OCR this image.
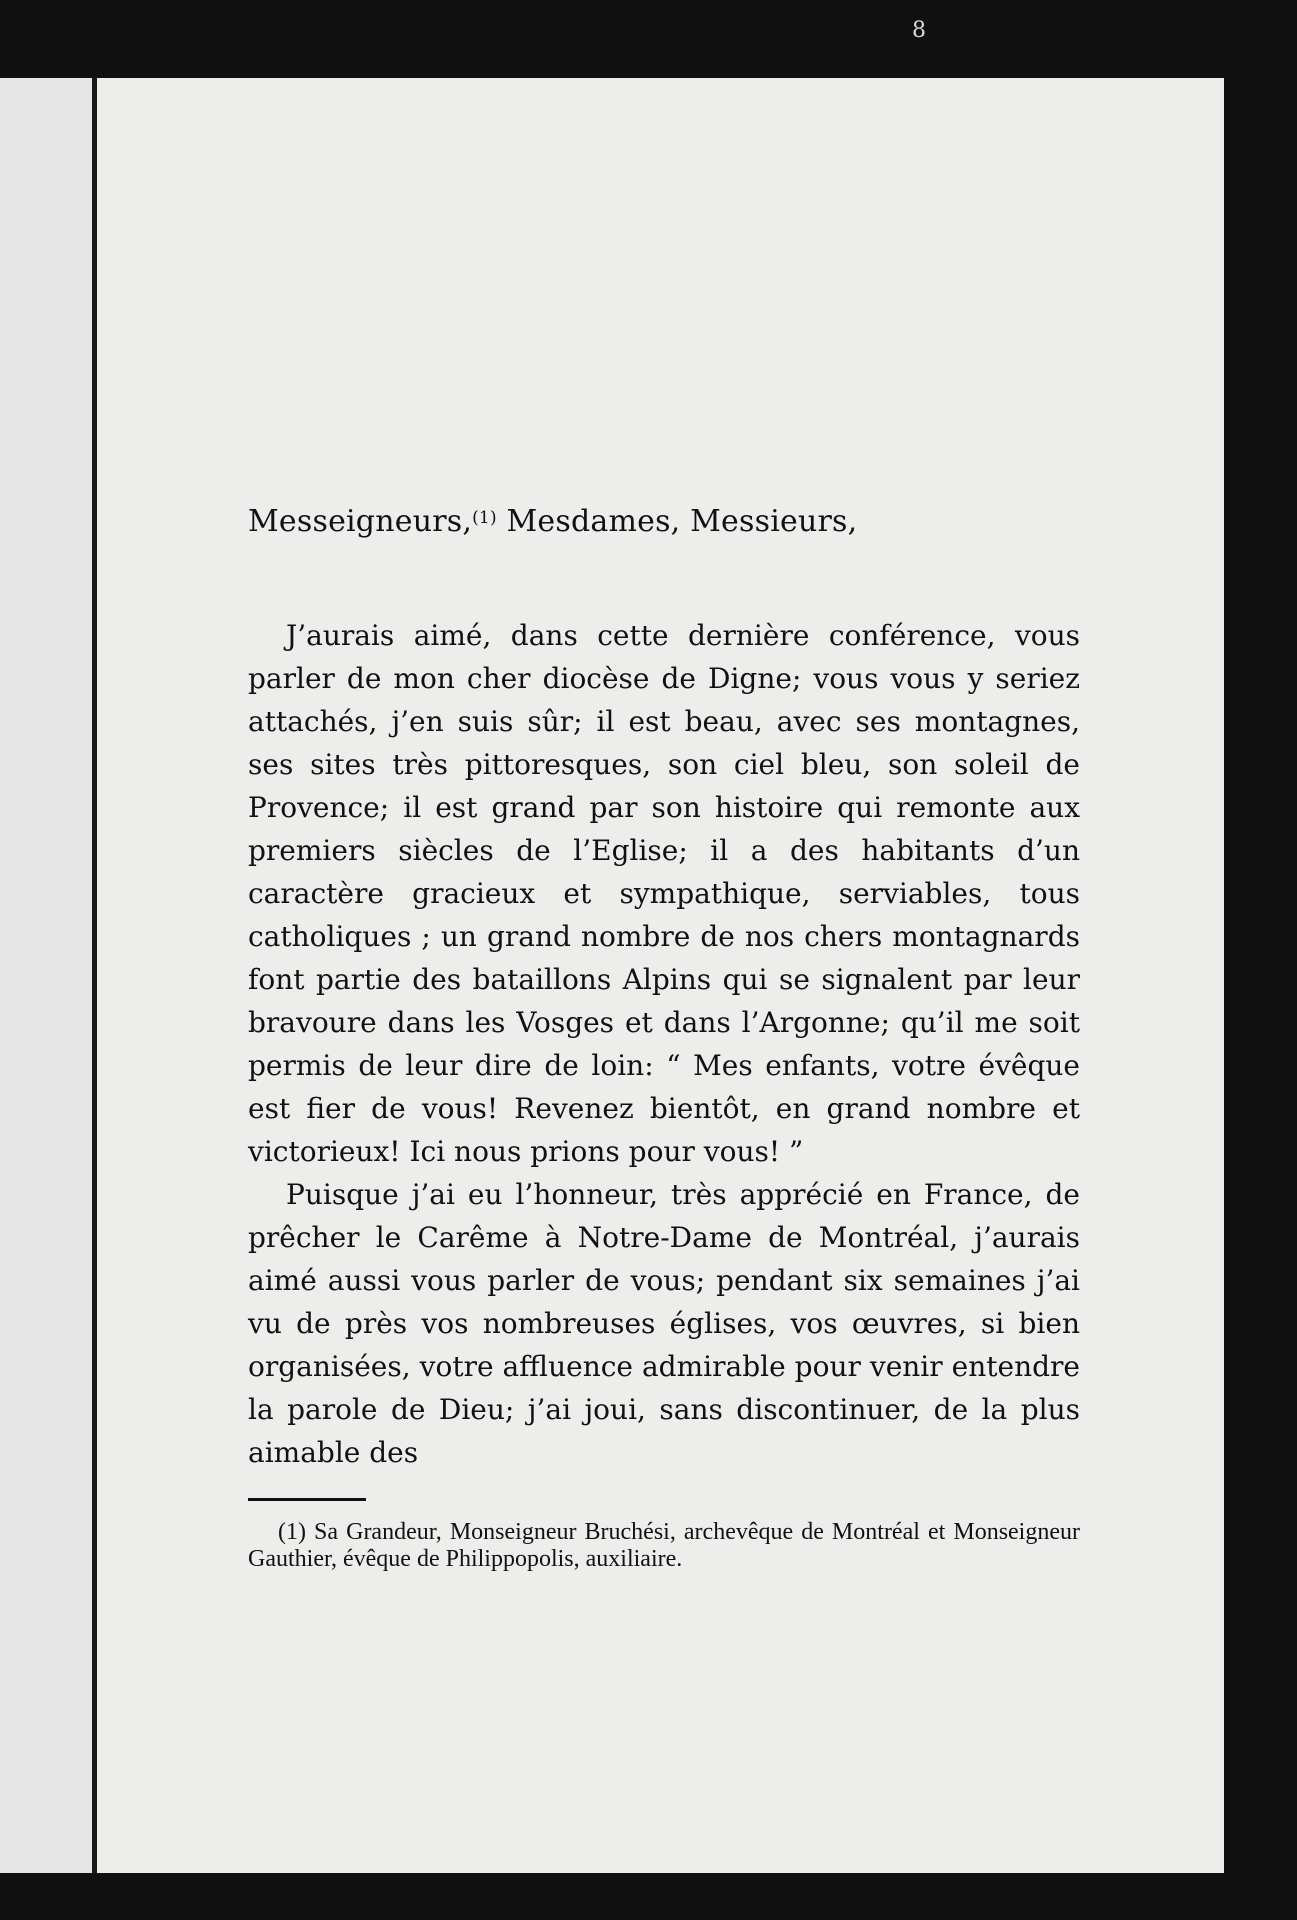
8
Messeigneurs,$^{(1)}$ Mesdames, Messieurs,

J’aurais aimé, dans cette dernière conférence, vous parler de mon cher diocèse de Digne; vous vous y seriez attachés, j’en suis sûr; il est beau, avec ses montagnes, ses sites très pittoresques, son ciel bleu, son soleil de Provence; il est grand par son histoire qui remonte aux premiers siècles de l’Eglise; il a des habitants d’un caractère gracieux et sympathique, serviables, tous catholiques ; un grand nombre de nos chers montagnards font partie des bataillons Alpins qui se signalent par leur bravoure dans les Vosges et dans l’Argonne; qu’il me soit permis de leur dire de loin: “ Mes enfants, votre évêque est fier de vous! Revenez bientôt, en grand nombre et victorieux! Ici nous prions pour vous! ”

Puisque j’ai eu l’honneur, très apprécié en France, de prêcher le Carême à Notre-Dame de Montréal, j’aurais aimé aussi vous parler de vous; pendant six semaines j’ai vu de près vos nombreuses églises, vos œuvres, si bien organisées, votre affluence admirable pour venir entendre la parole de Dieu; j’ai joui, sans discontinuer, de la plus aimable des

(1) Sa Grandeur, Monseigneur Bruchési, archevêque de Montréal et Monseigneur Gauthier, évêque de Philippopolis, auxiliaire.
